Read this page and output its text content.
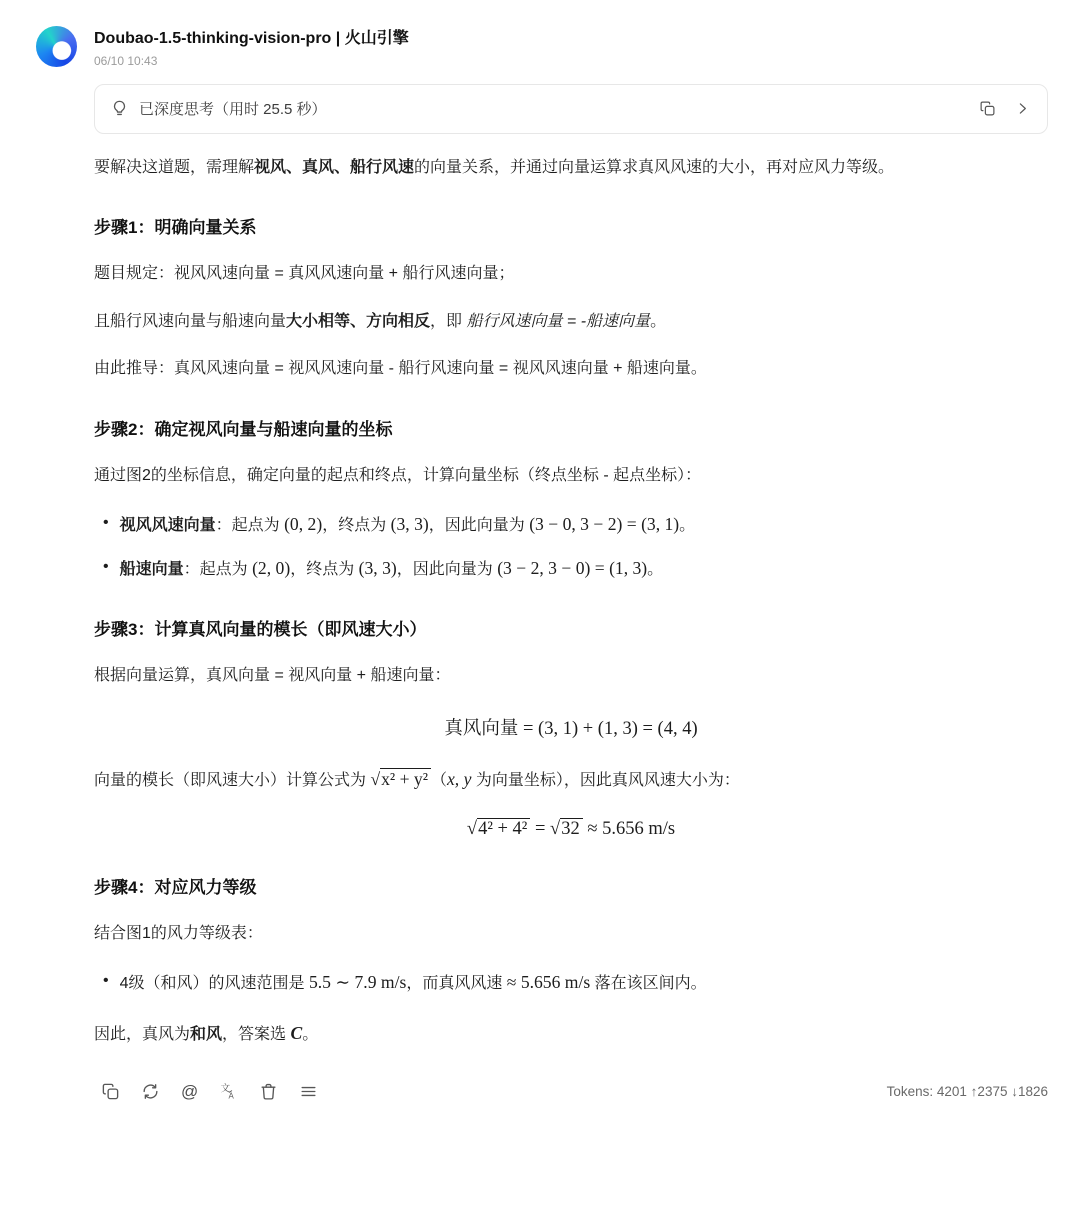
Doubao-1.5-thinking-vision-pro | 火山引擎
06/10 10:43
已深度思考（用时 25.5 秒）
要解决这道题，需理解视风、真风、船行风速的向量关系，并通过向量运算求真风风速的大小，再对应风力等级。
步骤1：明确向量关系
题目规定：视风风速向量 = 真风风速向量 + 船行风速向量；
且船行风速向量与船速向量大小相等、方向相反，即 船行风速向量 = -船速向量。
由此推导：真风风速向量 = 视风风速向量 - 船行风速向量 = 视风风速向量 + 船速向量。
步骤2：确定视风向量与船速向量的坐标
通过图2的坐标信息，确定向量的起点和终点，计算向量坐标（终点坐标 - 起点坐标）：
• 视风风速向量：起点为 (0, 2)，终点为 (3, 3)，因此向量为 (3 − 0, 3 − 2) = (3, 1)。
• 船速向量：起点为 (2, 0)，终点为 (3, 3)，因此向量为 (3 − 2, 3 − 0) = (1, 3)。
步骤3：计算真风向量的模长（即风速大小）
根据向量运算，真风向量 = 视风向量 + 船速向量：
真风向量 = (3, 1) + (1, 3) = (4, 4)
向量的模长（即风速大小）计算公式为 √x² + y² （x, y 为向量坐标），因此真风风速大小为：
√4² + 4² = √32 ≈ 5.656 m/s
步骤4：对应风力等级
结合图1的风力等级表：
• 4级（和风）的风速范围是 5.5 ∼ 7.9 m/s，而真风风速 ≈ 5.656 m/s 落在该区间内。
因此，真风为和风，答案选 C。
@ 文
A	Tokens: 4201 ↑2375 ↓1826
